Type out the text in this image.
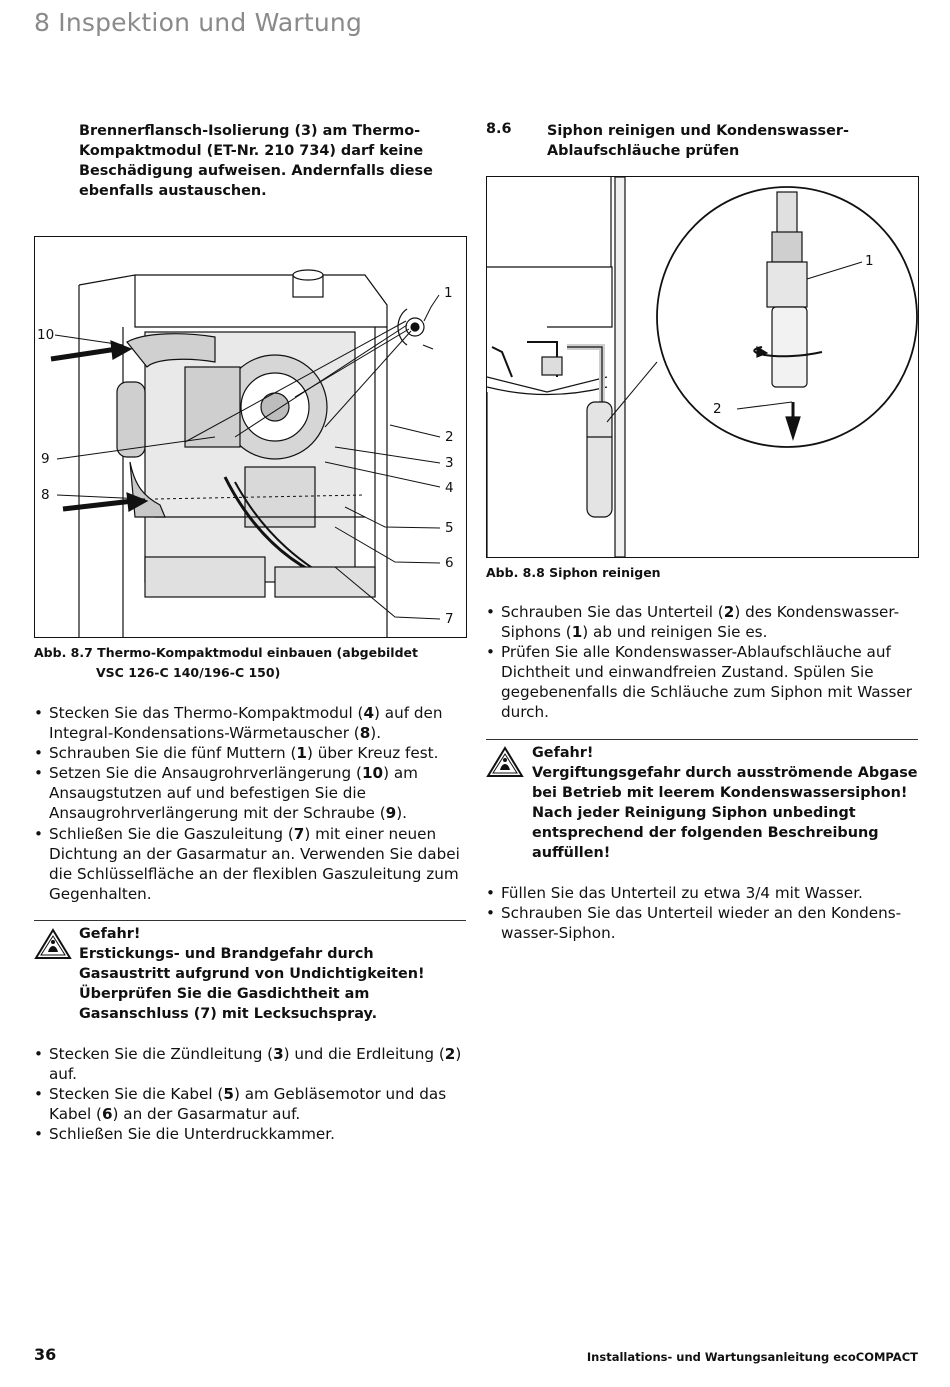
8 Inspektion und Wartung
Brennerflansch-Isolierung (3) am Thermo-Kompaktmodul (ET-Nr. 210 734) darf keine Beschädigung aufweisen. Andernfalls diese ebenfalls austauschen.
8.6 Siphon reinigen und Kondenswasser-Ablaufschläuche prüfen
1
2
3
4
5
6
7
8
9
10
Abb. 8.7 Thermo-Kompaktmodul einbauen (abgebildet
VSC 126-C 140/196-C 150)
• Stecken Sie das Thermo-Kompaktmodul (4) auf den Integral-Kondensations-Wärmetauscher (8).
• Schrauben Sie die fünf Muttern (1) über Kreuz fest.
• Setzen Sie die Ansaugrohrverlängerung (10) am Ansaugstutzen auf und befestigen Sie die Ansaugrohrverlängerung mit der Schraube (9).
• Schließen Sie die Gaszuleitung (7) mit einer neuen Dichtung an der Gasarmatur an. Verwenden Sie dabei die Schlüsselfläche an der flexiblen Gaszuleitung zum Gegenhalten.
Gefahr!
Erstickungs- und Brandgefahr durch Gasaustritt aufgrund von Undichtigkeiten!
Überprüfen Sie die Gasdichtheit am Gasanschluss (7) mit Lecksuchspray.
• Stecken Sie die Zündleitung (3) und die Erdleitung (2) auf.
• Stecken Sie die Kabel (5) am Gebläsemotor und das Kabel (6) an der Gasarmatur auf.
• Schließen Sie die Unterdruckkammer.
1
2
Abb. 8.8 Siphon reinigen
• Schrauben Sie das Unterteil (2) des Kondenswasser-Siphons (1) ab und reinigen Sie es.
• Prüfen Sie alle Kondenswasser-Ablaufschläuche auf Dichtheit und einwandfreien Zustand. Spülen Sie gegebenenfalls die Schläuche zum Siphon mit Wasser durch.
Gefahr!
Vergiftungsgefahr durch ausströmende Abgase bei Betrieb mit leerem Kondenswassersiphon!
Nach jeder Reinigung Siphon unbedingt entsprechend der folgenden Beschreibung auffüllen!
• Füllen Sie das Unterteil zu etwa 3/4 mit Wasser.
• Schrauben Sie das Unterteil wieder an den Kondens-wasser-Siphon.
36	Installations- und Wartungsanleitung ecoCOMPACT
